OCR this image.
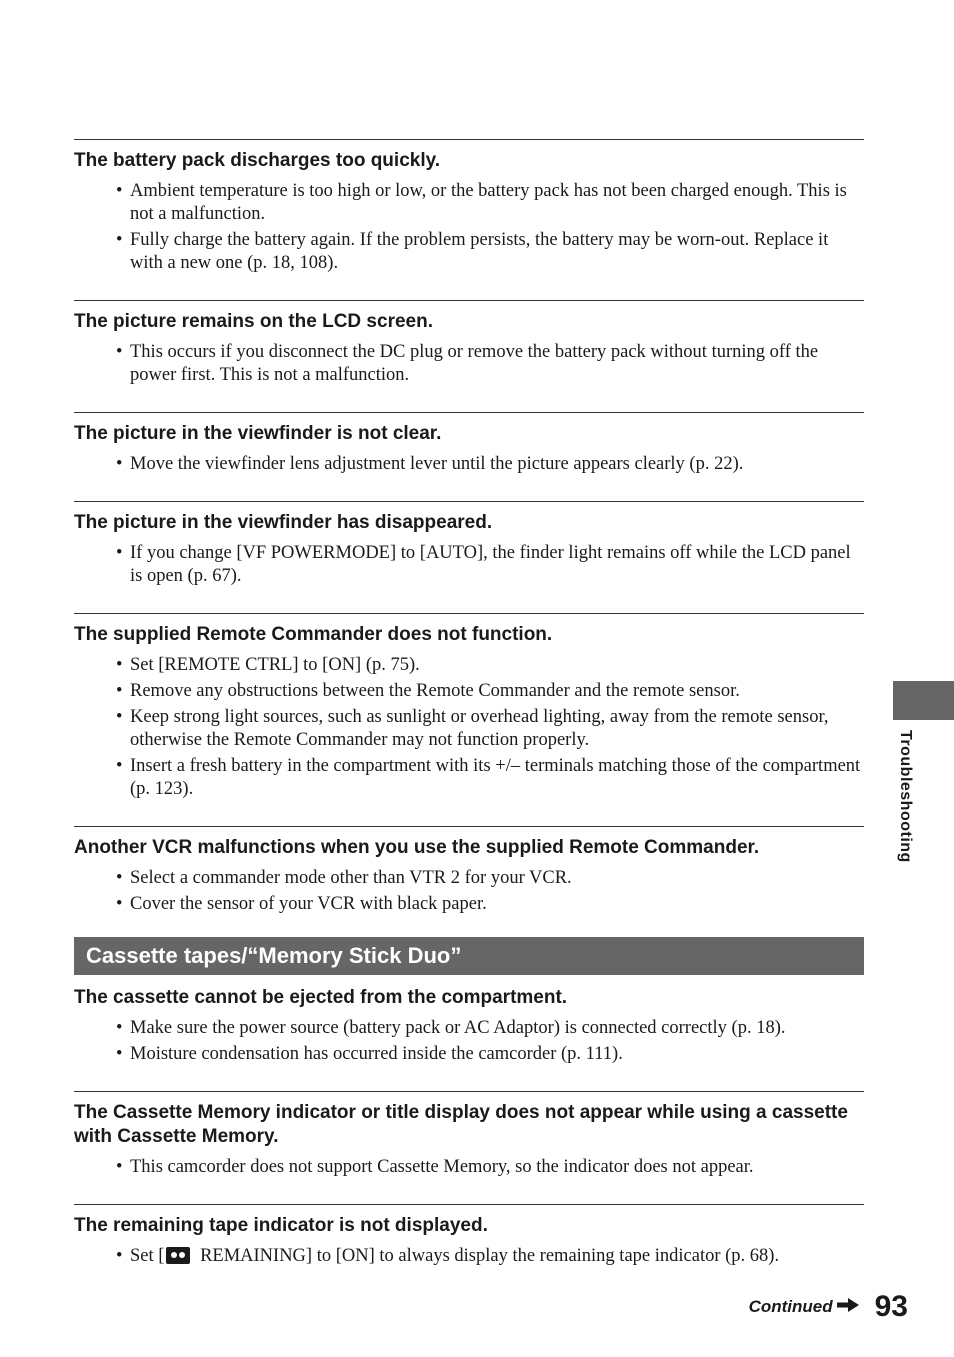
The battery pack discharges too quickly.
• Ambient temperature is too high or low, or the battery pack has not been charged enough. This is not a malfunction.
• Fully charge the battery again. If the problem persists, the battery may be worn-out. Replace it with a new one (p. 18, 108).
The picture remains on the LCD screen.
• This occurs if you disconnect the DC plug or remove the battery pack without turning off the power first. This is not a malfunction.
The picture in the viewfinder is not clear.
• Move the viewfinder lens adjustment lever until the picture appears clearly (p. 22).
The picture in the viewfinder has disappeared.
• If you change [VF POWERMODE] to [AUTO], the finder light remains off while the LCD panel is open (p. 67).
The supplied Remote Commander does not function.
• Set [REMOTE CTRL] to [ON] (p. 75).
• Remove any obstructions between the Remote Commander and the remote sensor.
• Keep strong light sources, such as sunlight or overhead lighting, away from the remote sensor, otherwise the Remote Commander may not function properly.
• Insert a fresh battery in the compartment with its +/– terminals matching those of the compartment (p. 123).
Another VCR malfunctions when you use the supplied Remote Commander.
• Select a commander mode other than VTR 2 for your VCR.
• Cover the sensor of your VCR with black paper.
Cassette tapes/“Memory Stick Duo”
The cassette cannot be ejected from the compartment.
• Make sure the power source (battery pack or AC Adaptor) is connected correctly (p. 18).
• Moisture condensation has occurred inside the camcorder (p. 111).
The Cassette Memory indicator or title display does not appear while using a cassette with Cassette Memory.
• This camcorder does not support Cassette Memory, so the indicator does not appear.
The remaining tape indicator is not displayed.
• Set [ REMAINING] to [ON] to always display the remaining tape indicator (p. 68).
Troubleshooting
Continued 93
